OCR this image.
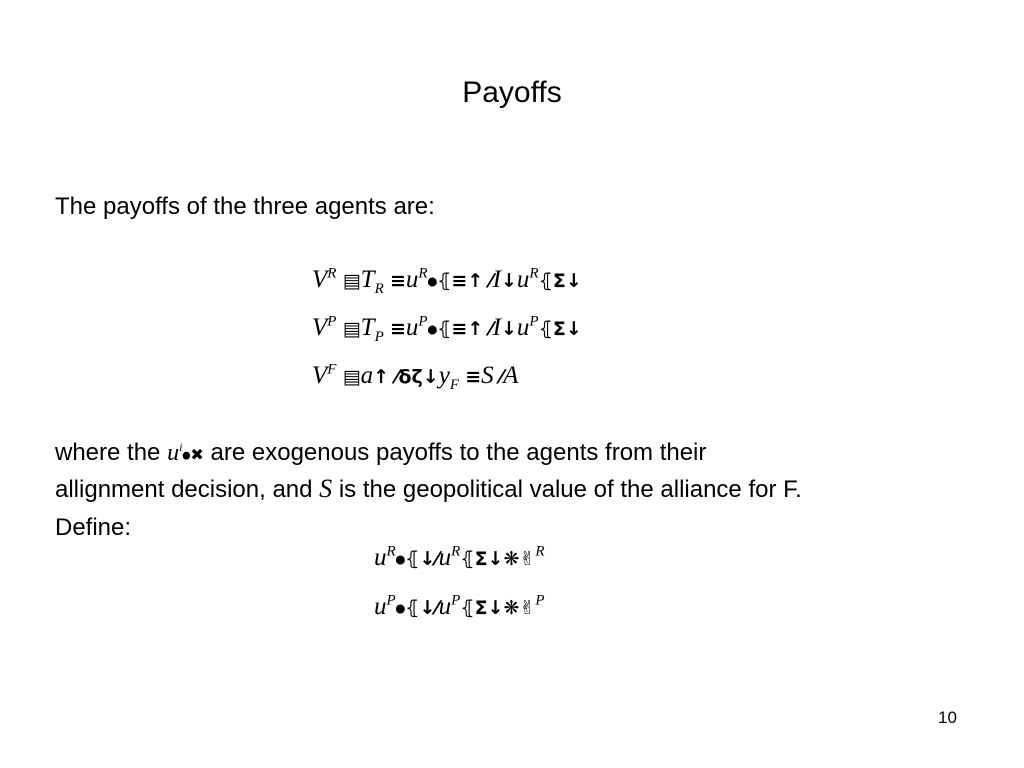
Payoffs
The payoffs of the three agents are:
$V^R$ $▤T_R$ $\equiv u^R⦁⦃\equiv↑$ $⁄I↓u^R⦃\Sigma↓$
$V^P$ $▤T_P$ $\equiv u^P⦁⦃\equiv↑$ $⁄I↓u^P⦃\Sigma↓$
$V^F$ ▤a↑ $⁄\delta\zeta↓y_F \equiv S$ ⁄A
where the $u^i⦁✖$ are exogenous payoffs to the agents from their
allignment decision, and S is the geopolitical value of the alliance for F.
Define:
$u^R⦁⦃↓⁄u^R⦃\Sigma↓❋✌^R$
$u^P⦁⦃↓⁄u^P⦃\Sigma↓❋✌^P$
10
